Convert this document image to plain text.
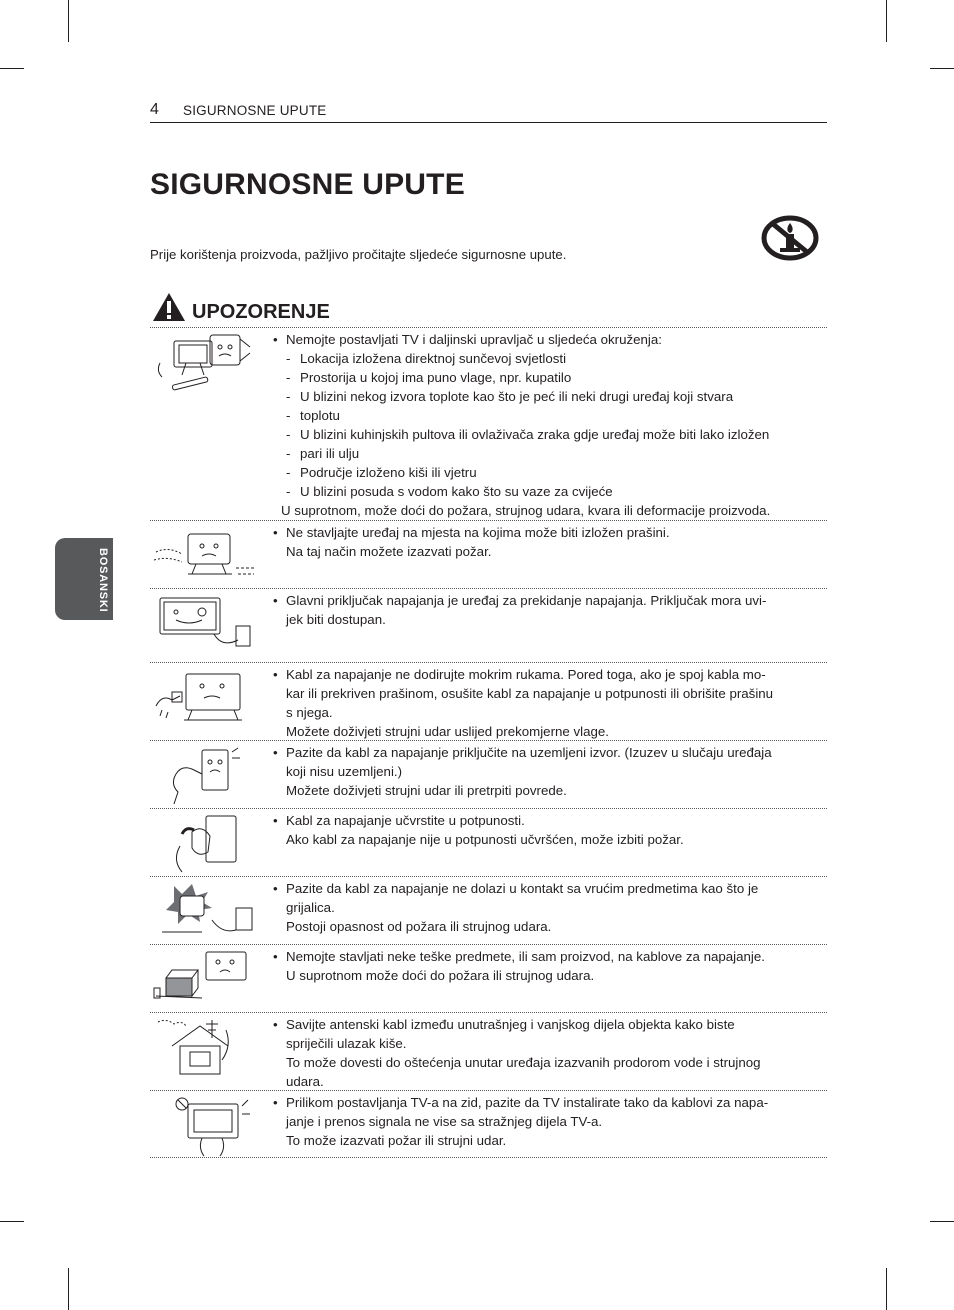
4 SIGURNOSNE UPUTE
SIGURNOSNE UPUTE
Prije korištenja proizvoda, pažljivo pročitajte sljedeće sigurnosne upute.
UPOZORENJE
BOSANSKI
• Nemojte postavljati TV i daljinski upravljač u sljedeća okruženja:
- Lokacija izložena direktnoj sunčevoj svjetlosti
- Prostorija u kojoj ima puno vlage, npr. kupatilo
- U blizini nekog izvora toplote kao što je peć ili neki drugi uređaj koji stvara
- toplotu
- U blizini kuhinjskih pultova ili ovlaživača zraka gdje uređaj može biti lako izložen
- pari ili ulju
- Područje izloženo kiši ili vjetru
- U blizini posuda s vodom kako što su vaze za cvijeće
U suprotnom, može doći do požara, strujnog udara, kvara ili deformacije proizvoda.
• Ne stavljajte uređaj na mjesta na kojima može biti izložen prašini.
Na taj način možete izazvati požar.
• Glavni priključak napajanja je uređaj za prekidanje napajanja. Priključak mora uvi-
jek biti dostupan.
• Kabl za napajanje ne dodirujte mokrim rukama. Pored toga, ako je spoj kabla mo-
kar ili prekriven prašinom, osušite kabl za napajanje u potpunosti ili obrišite prašinu
s njega.
Možete doživjeti strujni udar uslijed prekomjerne vlage.
• Pazite da kabl za napajanje priključite na uzemljeni izvor. (Izuzev u slučaju uređaja
koji nisu uzemljeni.)
Možete doživjeti strujni udar ili pretrpiti povrede.
• Kabl za napajanje učvrstite u potpunosti.
Ako kabl za napajanje nije u potpunosti učvršćen, može izbiti požar.
• Pazite da kabl za napajanje ne dolazi u kontakt sa vrućim predmetima kao što je
grijalica.
Postoji opasnost od požara ili strujnog udara.
• Nemojte stavljati neke teške predmete, ili sam proizvod, na kablove za napajanje.
U suprotnom može doći do požara ili strujnog udara.
• Savijte antenski kabl između unutrašnjeg i vanjskog dijela objekta kako biste
spriječili ulazak kiše.
To može dovesti do oštećenja unutar uređaja izazvanih prodorom vode i strujnog
udara.
• Prilikom postavljanja TV-a na zid, pazite da TV instalirate tako da kablovi za napa-
janje i prenos signala ne vise sa stražnjeg dijela TV-a.
To može izazvati požar ili strujni udar.
